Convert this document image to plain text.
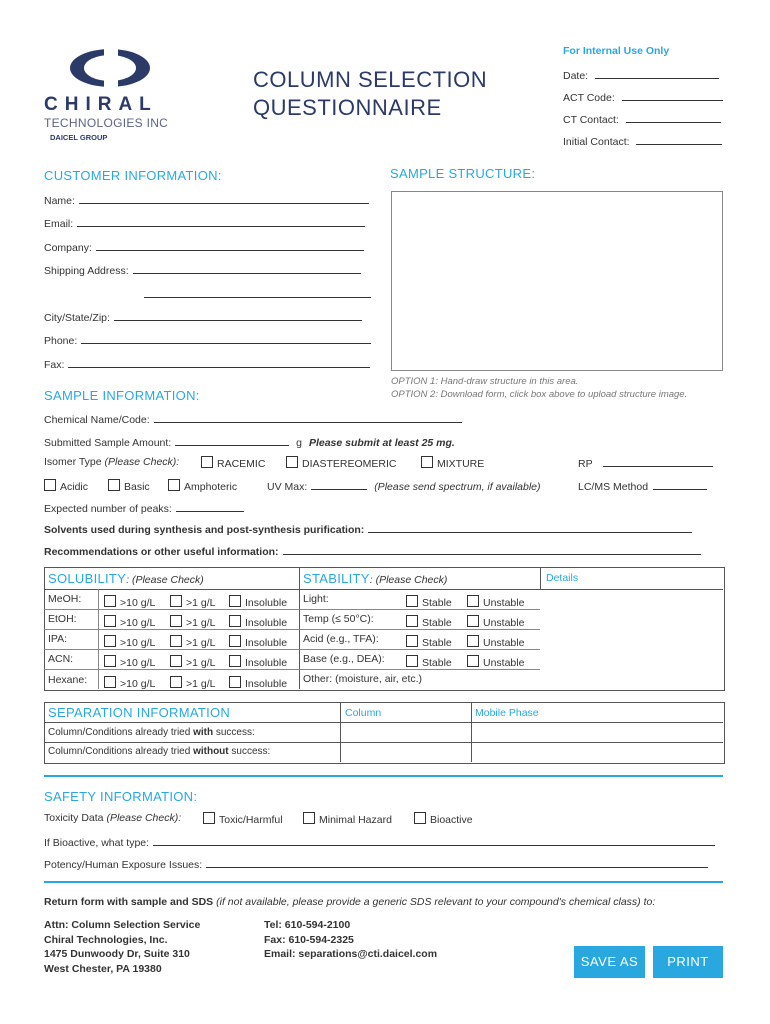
CHIRAL
TECHNOLOGIES INC
DAICEL GROUP
COLUMN SELECTION
QUESTIONNAIRE
For Internal Use Only
Date:
ACT Code:
CT Contact:
Initial Contact:
CUSTOMER INFORMATION:
Name:
Email:
Company:
Shipping Address:
City/State/Zip:
Phone:
Fax:
SAMPLE STRUCTURE:
OPTION 1: Hand-draw structure in this area.
OPTION 2: Download form, click box above to upload structure image.
SAMPLE INFORMATION:
Chemical Name/Code:
Submitted Sample Amount:	g Please submit at least 25 mg.
Isomer Type (Please Check):	RACEMIC	DIASTEREOMERIC	MIXTURE	RP
Acidic	Basic	Amphoteric	UV Max:	(Please send spectrum, if available)	LC/MS Method
Expected number of peaks:
Solvents used during synthesis and post-synthesis purification:
Recommendations or other useful information:
SOLUBILITY: (Please Check)	STABILITY: (Please Check)	Details
MeOH:	>10 g/L	>1 g/L	Insoluble
EtOH:	>10 g/L	>1 g/L	Insoluble
IPA:	>10 g/L	>1 g/L	Insoluble
ACN:	>10 g/L	>1 g/L	Insoluble
Hexane:	>10 g/L	>1 g/L	Insoluble
Light:	Stable	Unstable
Temp (≤ 50°C):	Stable	Unstable
Acid (e.g., TFA):	Stable	Unstable
Base (e.g., DEA):	Stable	Unstable
Other: (moisture, air, etc.)
SEPARATION INFORMATION	Column	Mobile Phase
Column/Conditions already tried with success:
Column/Conditions already tried without success:
SAFETY INFORMATION:
Toxicity Data (Please Check):	Toxic/Harmful	Minimal Hazard	Bioactive
If Bioactive, what type:
Potency/Human Exposure Issues:
Return form with sample and SDS (if not available, please provide a generic SDS relevant to your compound's chemical class) to:
Attn: Column Selection Service
Chiral Technologies, Inc.
1475 Dunwoody Dr, Suite 310
West Chester, PA 19380
Tel: 610-594-2100
Fax: 610-594-2325
Email: separations@cti.daicel.com	SAVE AS	PRINT
